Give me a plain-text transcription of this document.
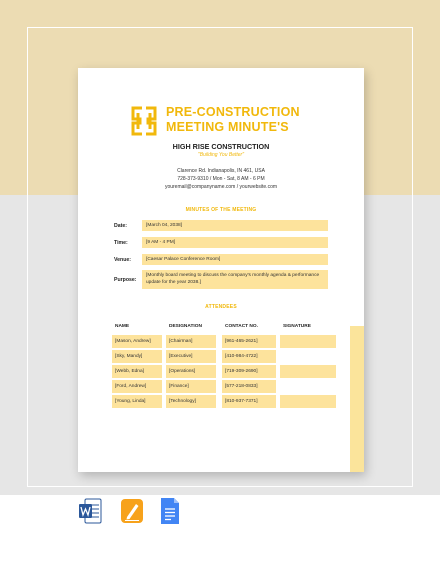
PRE-CONSTRUCTION
MEETING MINUTE'S
HIGH RISE CONSTRUCTION
"Building You Better"
Clarence Rd. Indianapolis, IN 461, USA
728-373-9310 / Mon - Sat, 8 AM - 6 PM
youremail@companyname.com / yourwebsite.com
MINUTES OF THE MEETING
Date:	[March 04, 2038]
Time:	[9 AM - 4 PM]
Venue:	[Caesar Palace Conference Room]
Purpose:
[Monthly board meeting to discuss the company's monthly agenda & performance update for the year 2038.]
ATTENDEES
NAME	DESIGNATION	CONTACT NO.	SIGNATURE
[Mason, Andrew]	[Chairman]	[961-465-2621]
[Sky, Mandy]	[Executive]	[410-984-4722]
[Webb, Edna]	[Operations]	[719-309-2690]
[Ford, Andrew]	[Finance]	[577-218-0833]
[Young, Linda]	[Technology]	[810-937-7371]
